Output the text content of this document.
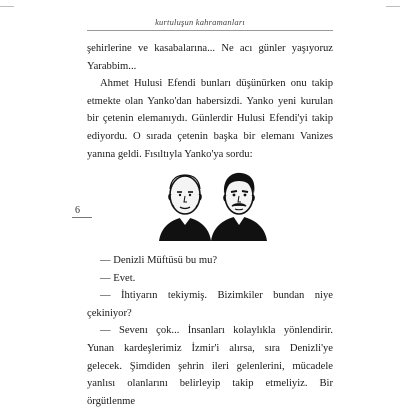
kurtuluşun kahramanları

şehirlerine ve kasabalarına... Ne acı günler yaşıyoruz Yarabbim...

Ahmet Hulusi Efendi bunları düşünürken onu takip etmekte olan Yanko'dan habersizdi. Yanko yeni kurulan bir çetenin elemanıydı. Günlerdir Hulusi Efendi'yi takip ediyordu. O sırada çetenin başka bir elemanı Vanizes yanına geldi. Fısıltıyla Yanko'ya sordu:

6

— Denizli Müftüsü bu mu?

— Evet.

— İhtiyarın tekiymiş. Bizimkiler bundan niye çekiniyor?

— Sevenı çok... İnsanları kolaylıkla yönlendirir. Yunan kardeşlerimiz İzmir'i alırsa, sıra Denizli'ye gelecek. Şimdiden şehrin ileri gelenlerini, mücadele yanlısı olanlarını belirleyip takip etmeliyiz. Bir örgütlenme
